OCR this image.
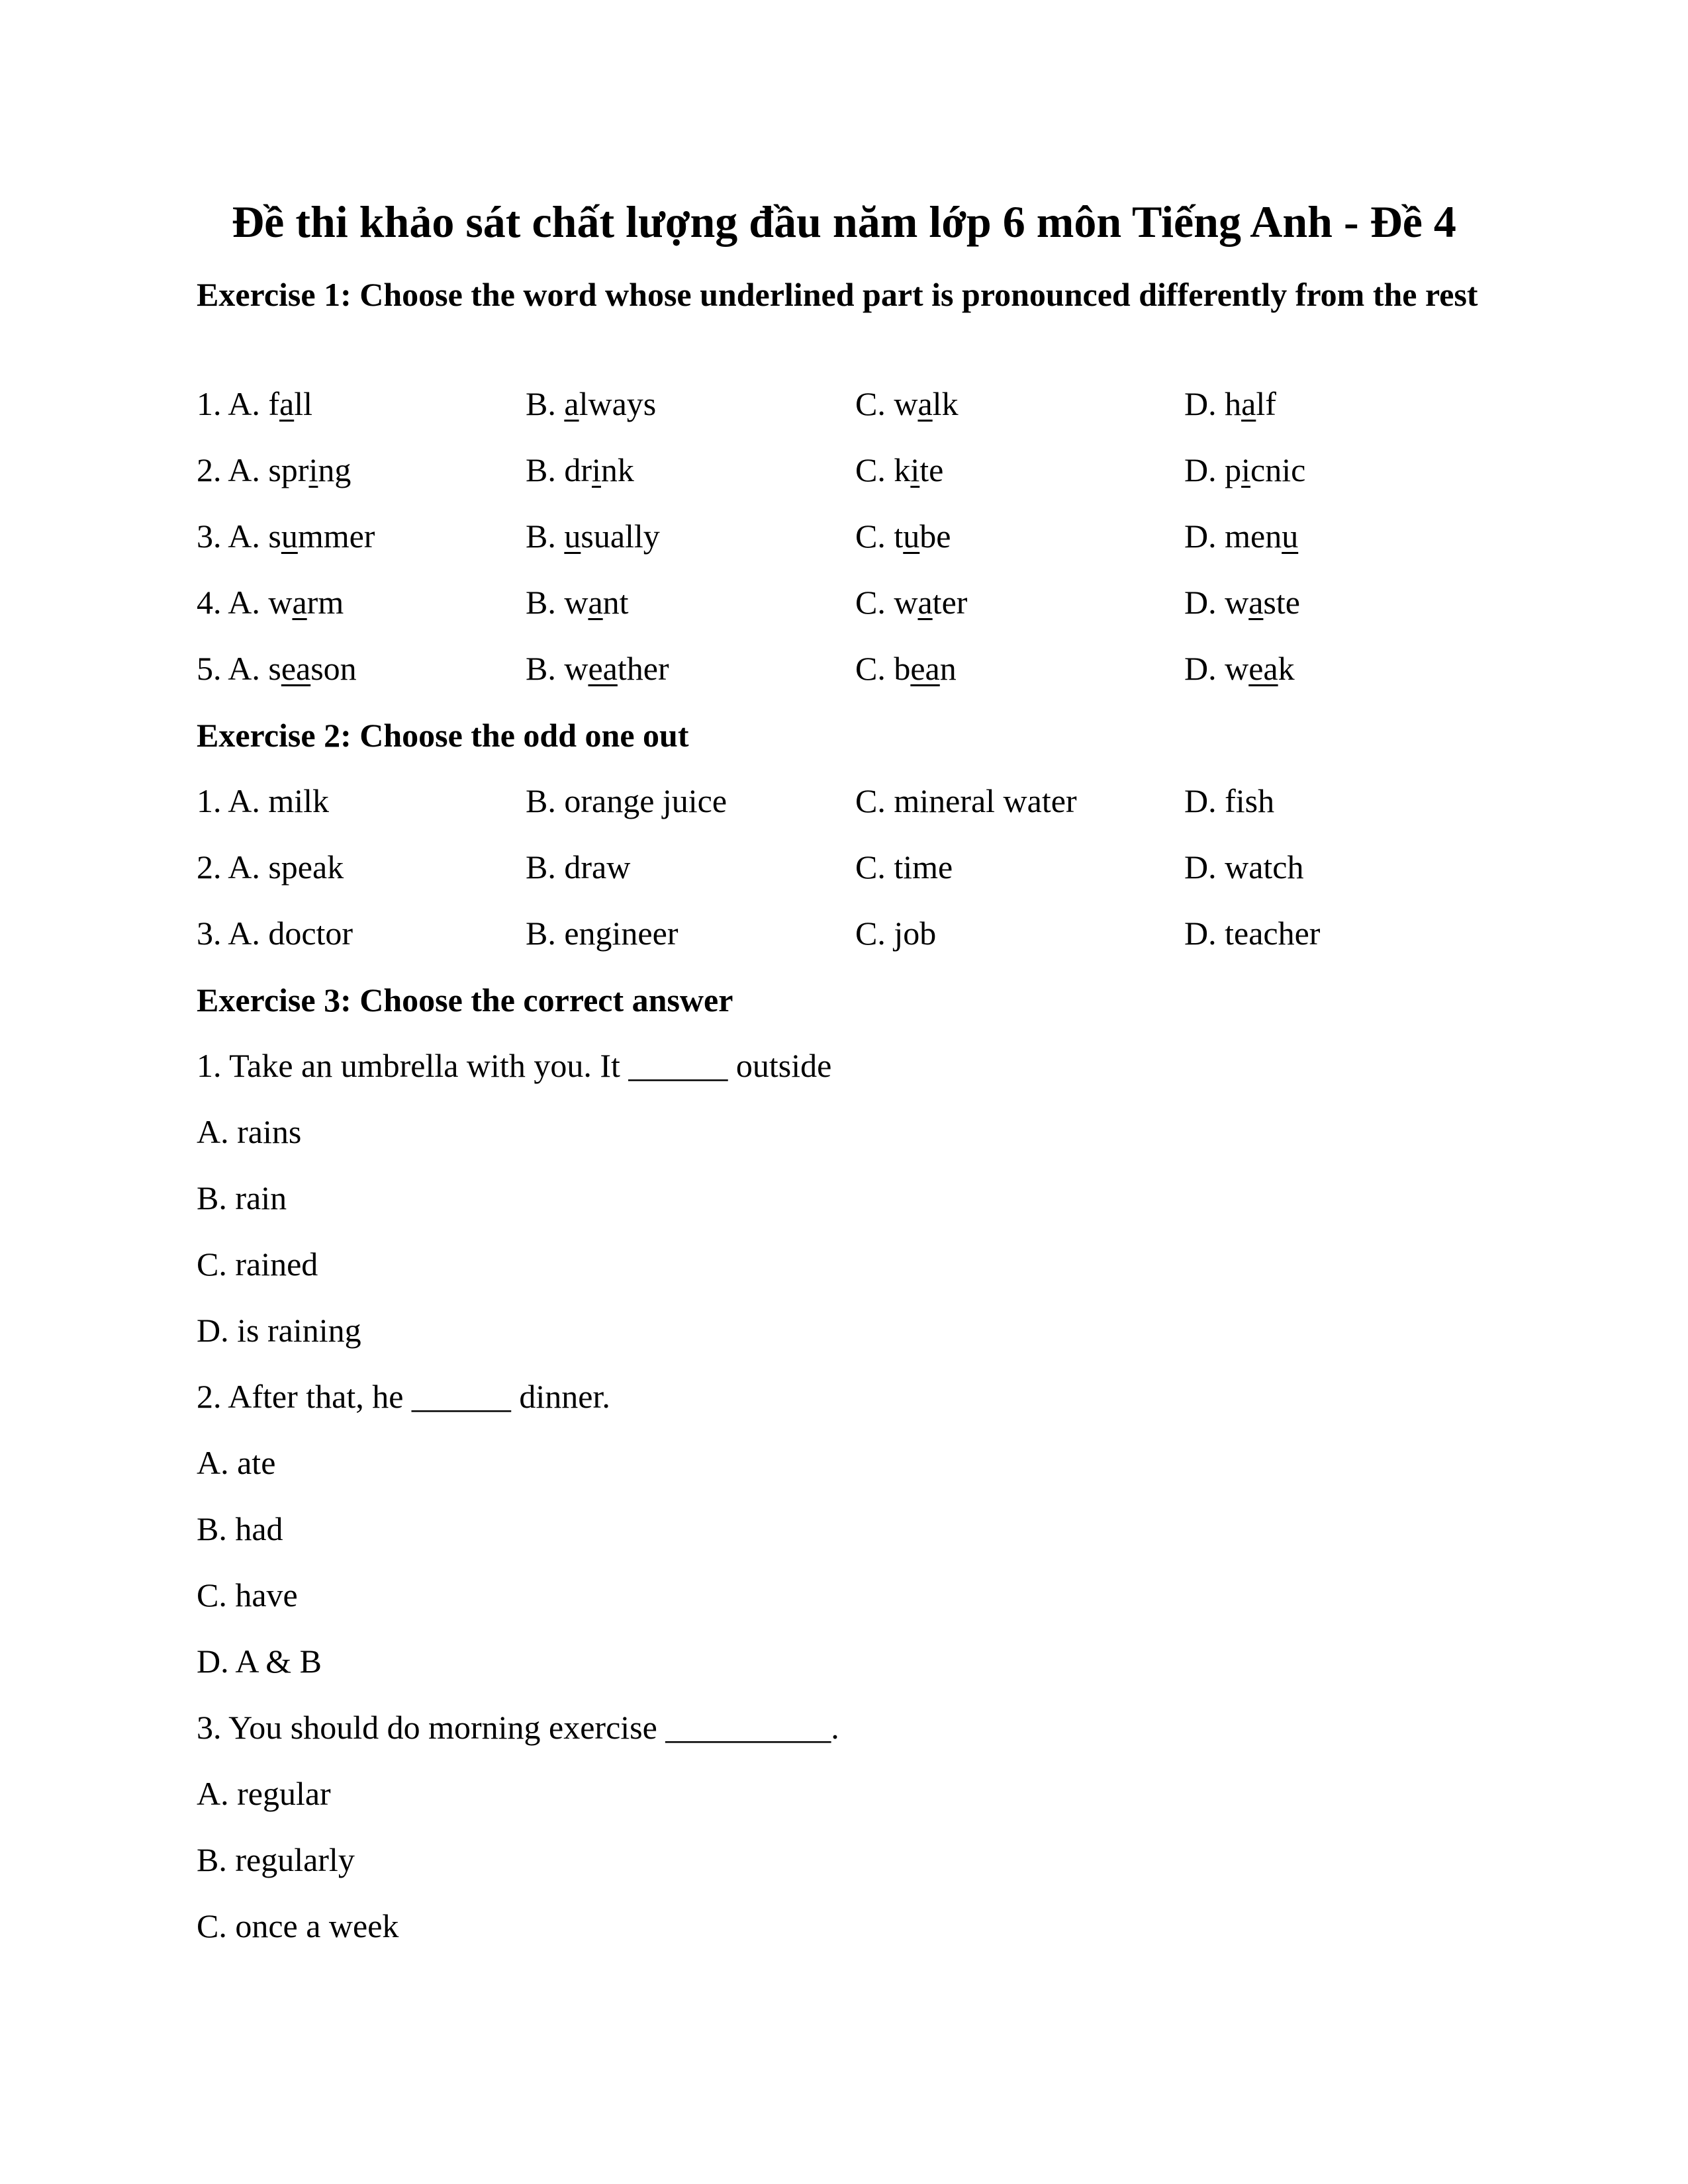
Đề thi khảo sát chất lượng đầu năm lớp 6 môn Tiếng Anh - Đề 4
Exercise 1: Choose the word whose underlined part is pronounced differently from the rest
1. A. fall	B. always	C. walk	D. half
2. A. spring	B. drink	C. kite	D. picnic
3. A. summer	B. usually	C. tube	D. menu
4. A. warm	B. want	C. water	D. waste
5. A. season	B. weather	C. bean	D. weak
Exercise 2: Choose the odd one out
1. A. milk	B. orange juice	C. mineral water	D. fish
2. A. speak	B. draw	C. time	D. watch
3. A. doctor	B. engineer	C. job	D. teacher
Exercise 3: Choose the correct answer
1. Take an umbrella with you. It ______ outside
A. rains
B. rain
C. rained
D. is raining
2. After that, he ______ dinner.
A. ate
B. had
C. have
D. A & B
3. You should do morning exercise __________.
A. regular
B. regularly
C. once a week
